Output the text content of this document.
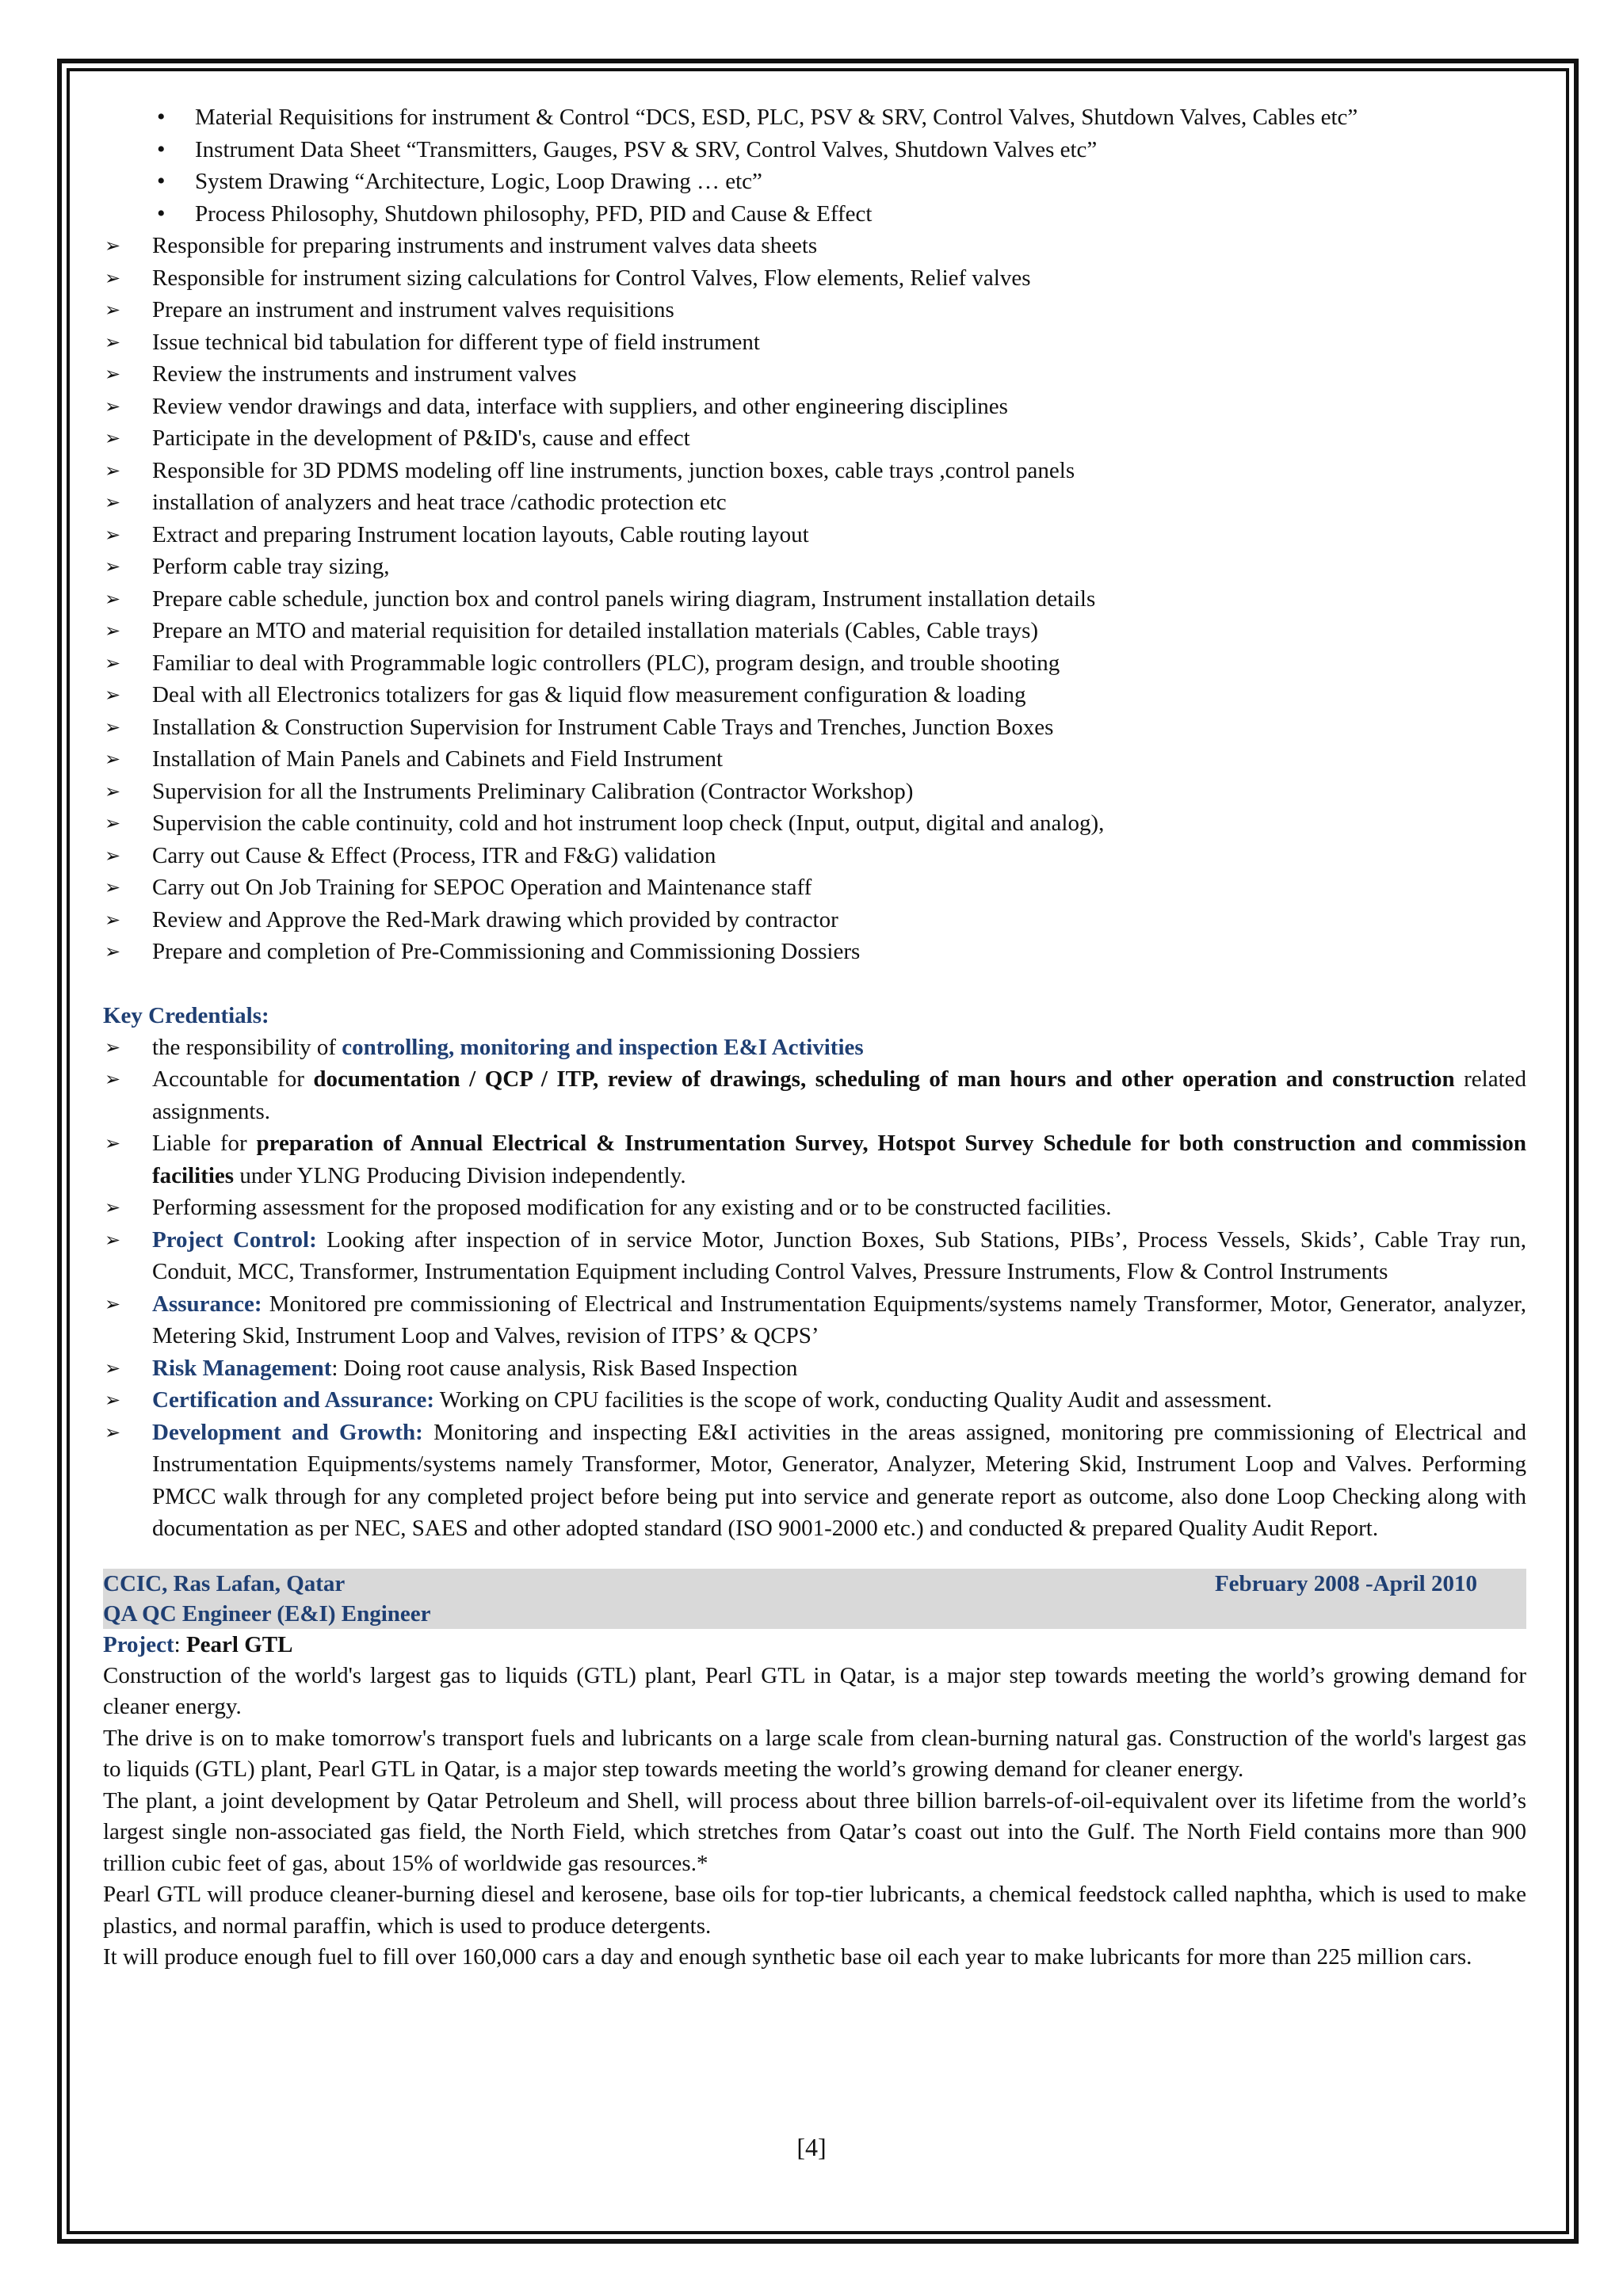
• Material Requisitions for instrument & Control “DCS, ESD, PLC, PSV & SRV, Control Valves, Shutdown Valves, Cables etc”
• Instrument Data Sheet “Transmitters, Gauges, PSV & SRV, Control Valves, Shutdown Valves etc”
• System Drawing “Architecture, Logic, Loop Drawing … etc”
• Process Philosophy, Shutdown philosophy, PFD, PID and Cause & Effect
➢ Responsible for preparing instruments and instrument valves data sheets
➢ Responsible for instrument sizing calculations for Control Valves, Flow elements, Relief valves
➢ Prepare an instrument and instrument valves requisitions
➢ Issue technical bid tabulation for different type of field instrument
➢ Review the instruments and instrument valves
➢ Review vendor drawings and data, interface with suppliers, and other engineering disciplines
➢ Participate in the development of P&ID's, cause and effect
➢ Responsible for 3D PDMS modeling off line instruments, junction boxes, cable trays ,control panels
➢ installation of analyzers and heat trace /cathodic protection etc
➢ Extract and preparing Instrument location layouts, Cable routing layout
➢ Perform cable tray sizing,
➢ Prepare cable schedule, junction box and control panels wiring diagram, Instrument installation details
➢ Prepare an MTO and material requisition for detailed installation materials (Cables, Cable trays)
➢ Familiar to deal with Programmable logic controllers (PLC), program design, and trouble shooting
➢ Deal with all Electronics totalizers for gas & liquid flow measurement configuration & loading
➢ Installation & Construction Supervision for Instrument Cable Trays and Trenches, Junction Boxes
➢ Installation of Main Panels and Cabinets and Field Instrument
➢ Supervision for all the Instruments Preliminary Calibration (Contractor Workshop)
➢ Supervision the cable continuity, cold and hot instrument loop check (Input, output, digital and analog),
➢ Carry out Cause & Effect (Process, ITR and F&G) validation
➢ Carry out On Job Training for SEPOC Operation and Maintenance staff
➢ Review and Approve the Red-Mark drawing which provided by contractor
➢ Prepare and completion of Pre-Commissioning and Commissioning Dossiers
Key Credentials:
➢ the responsibility of controlling, monitoring and inspection E&I Activities
➢ Accountable for documentation / QCP / ITP, review of drawings, scheduling of man hours and other operation and construction related assignments.
➢ Liable for preparation of Annual Electrical & Instrumentation Survey, Hotspot Survey Schedule for both construction and commission facilities under YLNG Producing Division independently.
➢ Performing assessment for the proposed modification for any existing and or to be constructed facilities.
➢ Project Control: Looking after inspection of in service Motor, Junction Boxes, Sub Stations, PIBs’, Process Vessels, Skids’, Cable Tray run, Conduit, MCC, Transformer, Instrumentation Equipment including Control Valves, Pressure Instruments, Flow & Control Instruments
➢ Assurance: Monitored pre commissioning of Electrical and Instrumentation Equipments/systems namely Transformer, Motor, Generator, analyzer, Metering Skid, Instrument Loop and Valves, revision of ITPS’ & QCPS’
➢ Risk Management: Doing root cause analysis, Risk Based Inspection
➢ Certification and Assurance: Working on CPU facilities is the scope of work, conducting Quality Audit and assessment.
➢ Development and Growth: Monitoring and inspecting E&I activities in the areas assigned, monitoring pre commissioning of Electrical and Instrumentation Equipments/systems namely Transformer, Motor, Generator, Analyzer, Metering Skid, Instrument Loop and Valves. Performing PMCC walk through for any completed project before being put into service and generate report as outcome, also done Loop Checking along with documentation as per NEC, SAES and other adopted standard (ISO 9001-2000 etc.) and conducted & prepared Quality Audit Report.
CCIC, Ras Lafan, Qatar	February 2008 -April 2010
QA QC Engineer (E&I) Engineer
Project: Pearl GTL

Construction of the world's largest gas to liquids (GTL) plant, Pearl GTL in Qatar, is a major step towards meeting the world’s growing demand for cleaner energy.

The drive is on to make tomorrow's transport fuels and lubricants on a large scale from clean-burning natural gas. Construction of the world's largest gas to liquids (GTL) plant, Pearl GTL in Qatar, is a major step towards meeting the world’s growing demand for cleaner energy.

The plant, a joint development by Qatar Petroleum and Shell, will process about three billion barrels-of-oil-equivalent over its lifetime from the world’s largest single non-associated gas field, the North Field, which stretches from Qatar’s coast out into the Gulf. The North Field contains more than 900 trillion cubic feet of gas, about 15% of worldwide gas resources.*

Pearl GTL will produce cleaner-burning diesel and kerosene, base oils for top-tier lubricants, a chemical feedstock called naphtha, which is used to make plastics, and normal paraffin, which is used to produce detergents.

It will produce enough fuel to fill over 160,000 cars a day and enough synthetic base oil each year to make lubricants for more than 225 million cars.

[4]
